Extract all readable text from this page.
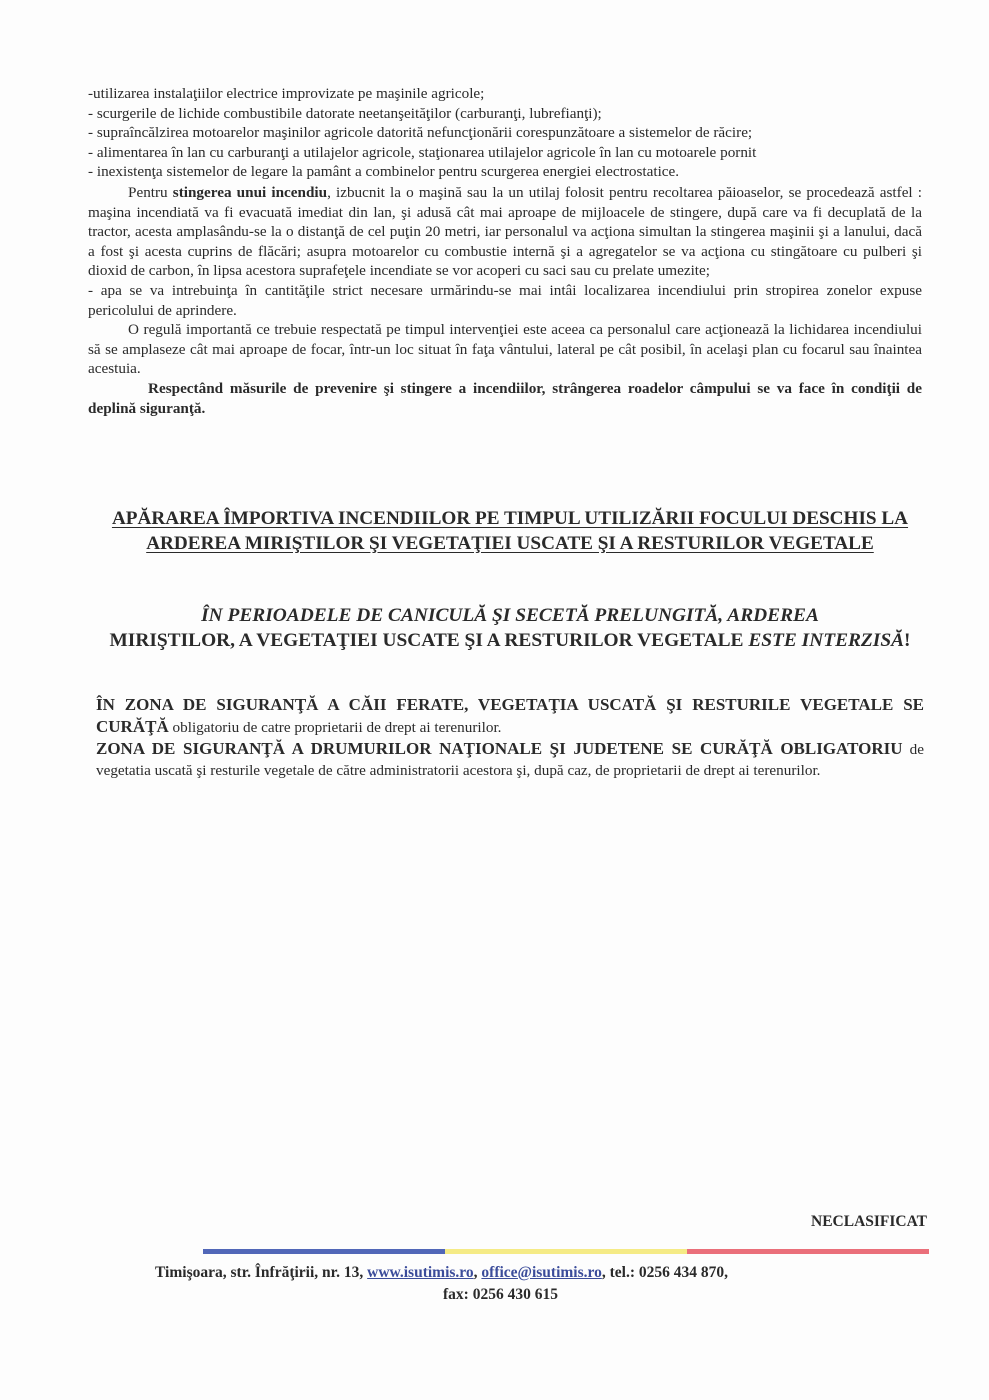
-utilizarea instalaţiilor electrice improvizate pe maşinile agricole;
- scurgerile de lichide combustibile datorate neetanşeităţilor (carburanţi, lubrefianţi);
- supraîncălzirea motoarelor maşinilor agricole datorită nefuncţionării corespunzătoare a sistemelor de răcire;
- alimentarea în lan cu carburanţi a utilajelor agricole, staţionarea utilajelor agricole în lan cu motoarele pornit
- inexistenţa sistemelor de legare la pamânt a combinelor pentru scurgerea energiei electrostatice.

Pentru stingerea unui incendiu, izbucnit la o maşină sau la un utilaj folosit pentru recoltarea păioaselor, se procedează astfel : maşina incendiată va fi evacuată imediat din lan, şi adusă cât mai aproape de mijloacele de stingere, după care va fi decuplată de la tractor, acesta amplasându-se la o distanţă de cel puţin 20 metri, iar personalul va acţiona simultan la stingerea maşinii şi a lanului, dacă a fost şi acesta cuprins de flăcări; asupra motoarelor cu combustie internă şi a agregatelor se va acţiona cu stingătoare cu pulberi şi dioxid de carbon, în lipsa acestora suprafeţele incendiate se vor acoperi cu saci sau cu prelate umezite;

- apa se va intrebuinţa în cantităţile strict necesare urmărindu-se mai intâi localizarea incendiului prin stropirea zonelor expuse pericolului de aprindere.

O regulă importantă ce trebuie respectată pe timpul intervenţiei este aceea ca personalul care acţionează la lichidarea incendiului să se amplaseze cât mai aproape de focar, într-un loc situat în faţa vântului, lateral pe cât posibil, în acelaşi plan cu focarul sau înaintea acestuia.

Respectând măsurile de prevenire şi stingere a incendiilor, strângerea roadelor câmpului se va face în condiţii de deplină siguranţă.

APĂRAREA ÎMPORTIVA INCENDIILOR PE TIMPUL UTILIZĂRII FOCULUI DESCHIS LA ARDEREA MIRIŞTILOR ŞI VEGETAŢIEI USCATE ŞI A RESTURILOR VEGETALE
ÎN PERIOADELE DE CANICULĂ ŞI SECETĂ PRELUNGITĂ, ARDEREA
MIRIŞTILOR, A VEGETAŢIEI USCATE ŞI A RESTURILOR VEGETALE ESTE INTERZISĂ!

ÎN ZONA DE SIGURANŢĂ A CĂII FERATE, VEGETAŢIA USCATĂ ŞI RESTURILE VEGETALE SE CURĂŢĂ obligatoriu de catre proprietarii de drept ai terenurilor.

ZONA DE SIGURANŢĂ A DRUMURILOR NAŢIONALE ŞI JUDETENE SE CURĂŢĂ OBLIGATORIU de vegetatia uscată şi resturile vegetale de către administratorii acestora şi, după caz, de proprietarii de drept ai terenurilor.

NECLASIFICAT
Timişoara, str. Înfrăţirii, nr. 13, www.isutimis.ro, office@isutimis.ro, tel.: 0256 434 870,
fax: 0256 430 615
